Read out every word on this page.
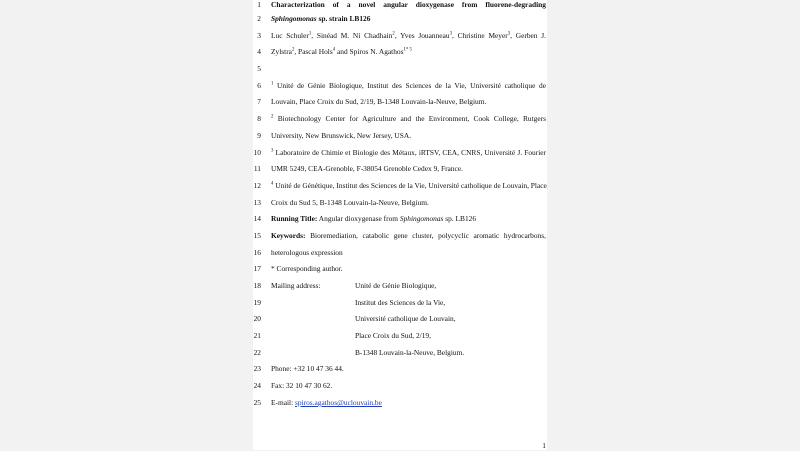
1
2
3
4
5
6
7
8
9
10
11
12
13
14
15
16
17
18
19
20
21
22
23
24
25
Characterization of a novel angular dioxygenase from fluorene-degrading
Sphingomonas sp. strain LB126
Luc Schuler$^1$, Sinéad M. Ní Chadhain$^2$, Yves Jouanneau$^3$, Christine Meyer$^3$, Gerben J.
Zylstra$^2$, Pascal Hols$^4$ and Spiros N. Agathos$^{1* 5}$
$^1$ Unité de Génie Biologique, Institut des Sciences de la Vie, Université catholique de
Louvain, Place Croix du Sud, 2/19, B-1348 Louvain-la-Neuve, Belgium.
$^2$ Biotechnology Center for Agriculture and the Environment, Cook College, Rutgers
University, New Brunswick, New Jersey, USA.
$^3$ Laboratoire de Chimie et Biologie des Métaux, iRTSV, CEA, CNRS, Université J. Fourier
UMR 5249, CEA-Grenoble, F-38054 Grenoble Cedex 9, France.
$^4$ Unité de Génétique, Institut des Sciences de la Vie, Université catholique de Louvain, Place
Croix du Sud 5, B-1348 Louvain-la-Neuve, Belgium.
Running Title: Angular dioxygenase from Sphingomonas sp. LB126
Keywords: Bioremediation, catabolic gene cluster, polycyclic aromatic hydrocarbons,
heterologous expression
* Corresponding author.
Mailing address:	Unité de Génie Biologique,
Institut des Sciences de la Vie,
Université catholique de Louvain,
Place Croix du Sud, 2/19,
B-1348 Louvain-la-Neuve, Belgium.
Phone: +32 10 47 36 44.
Fax: 32 10 47 30 62.
E-mail: spiros.agathos@uclouvain.be
1
